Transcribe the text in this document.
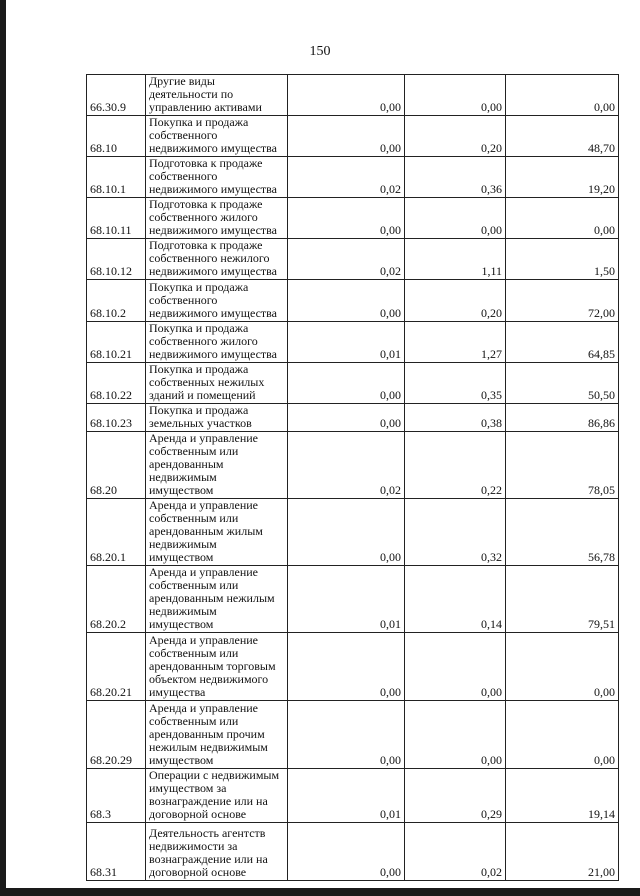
150
66.30.9	Другие виды деятельности по управлению активами	0,00	0,00	0,00
68.10	Покупка и продажа собственного недвижимого имущества	0,00	0,20	48,70
68.10.1	Подготовка к продаже собственного недвижимого имущества	0,02	0,36	19,20
68.10.11	Подготовка к продаже собственного жилого недвижимого имущества	0,00	0,00	0,00
68.10.12	Подготовка к продаже собственного нежилого недвижимого имущества	0,02	1,11	1,50
68.10.2	Покупка и продажа собственного недвижимого имущества	0,00	0,20	72,00
68.10.21	Покупка и продажа собственного жилого недвижимого имущества	0,01	1,27	64,85
68.10.22	Покупка и продажа собственных нежилых зданий и помещений	0,00	0,35	50,50
68.10.23	Покупка и продажа земельных участков	0,00	0,38	86,86
68.20	Аренда и управление собственным или арендованным недвижимым имуществом	0,02	0,22	78,05
68.20.1	Аренда и управление собственным или арендованным жилым недвижимым имуществом	0,00	0,32	56,78
68.20.2	Аренда и управление собственным или арендованным нежилым недвижимым имуществом	0,01	0,14	79,51
68.20.21	Аренда и управление собственным или арендованным торговым объектом недвижимого имущества	0,00	0,00	0,00
68.20.29	Аренда и управление собственным или арендованным прочим нежилым недвижимым имуществом	0,00	0,00	0,00
68.3	Операции с недвижимым имуществом за вознаграждение или на договорной основе	0,01	0,29	19,14
68.31	Деятельность агентств недвижимости за вознаграждение или на договорной основе	0,00	0,02	21,00
